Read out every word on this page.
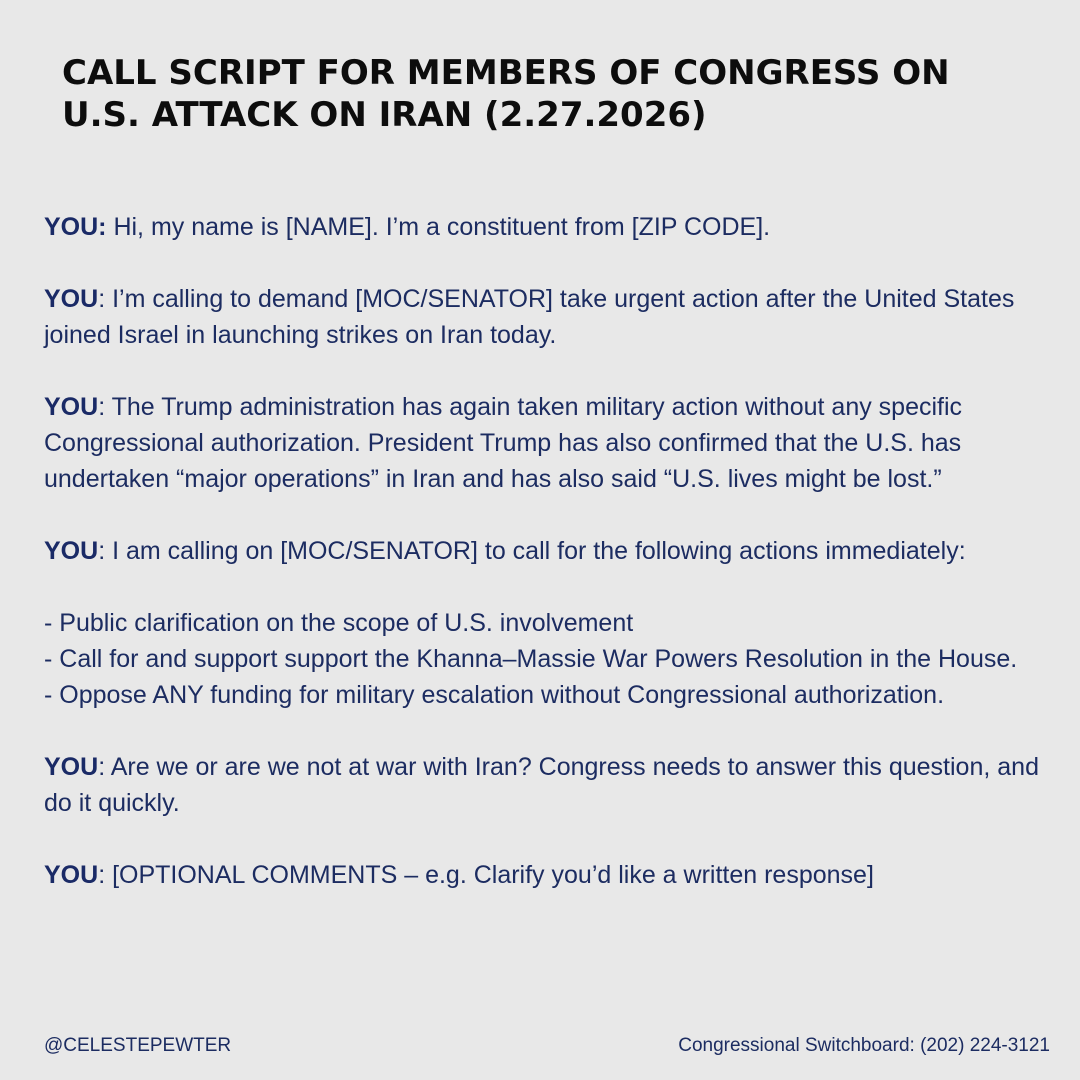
CALL SCRIPT FOR MEMBERS OF CONGRESS ON
U.S. ATTACK ON IRAN (2.27.2026)

YOU: Hi, my name is [NAME]. I’m a constituent from [ZIP CODE].

YOU: I’m calling to demand [MOC/SENATOR] take urgent action after the United States joined Israel in launching strikes on Iran today.

YOU: The Trump administration has again taken military action without any specific Congressional authorization. President Trump has also confirmed that the U.S. has undertaken “major operations” in Iran and has also said “U.S. lives might be lost.”

YOU: I am calling on [MOC/SENATOR] to call for the following actions immediately:

- Public clarification on the scope of U.S. involvement
- Call for and support support the Khanna–Massie War Powers Resolution in the House.
- Oppose ANY funding for military escalation without Congressional authorization.

YOU: Are we or are we not at war with Iran? Congress needs to answer this question, and do it quickly.

YOU: [OPTIONAL COMMENTS – e.g. Clarify you’d like a written response]

@CELESTEPEWTER	Congressional Switchboard: (202) 224-3121
